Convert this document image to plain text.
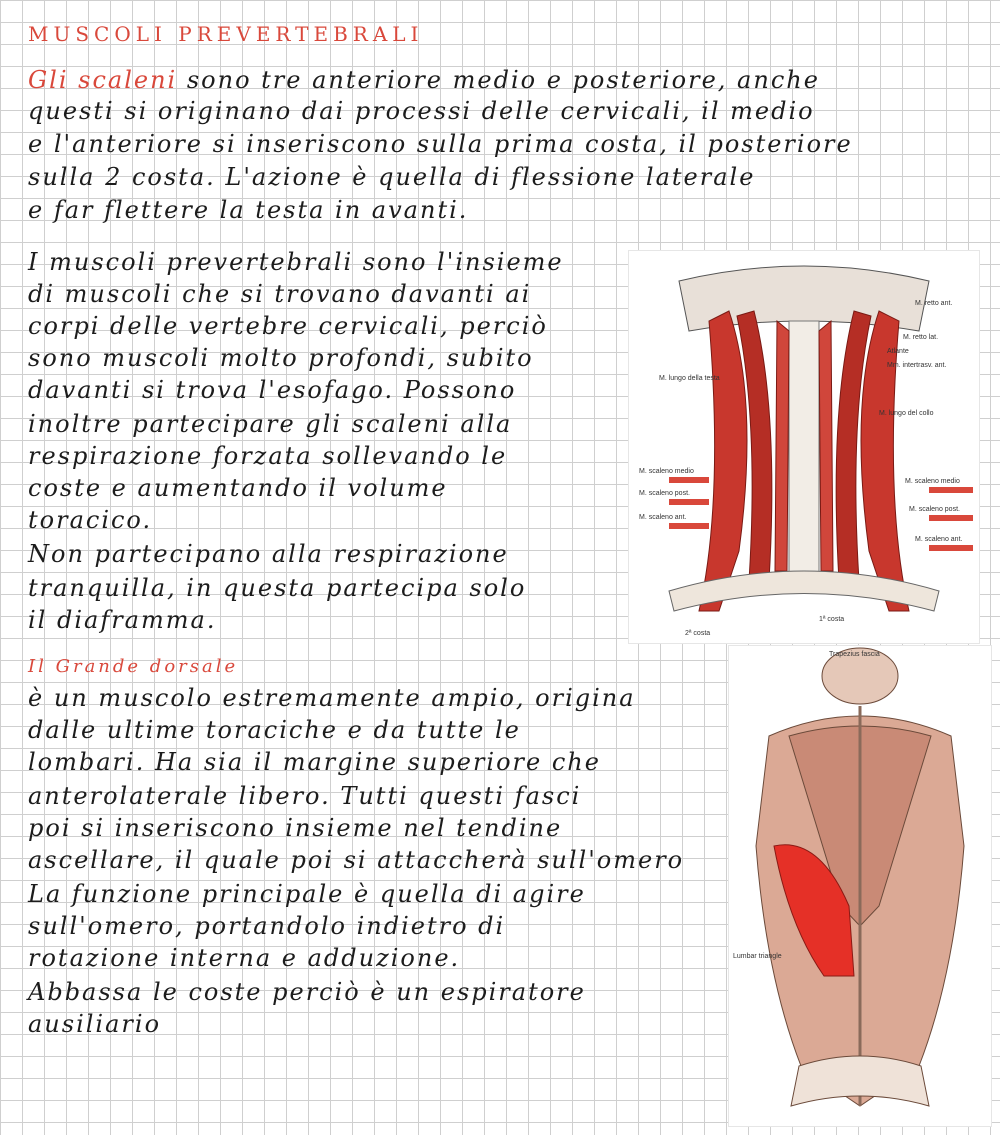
MUSCOLI PREVERTEBRALI
Gli scaleni sono tre anteriore medio e posteriore, anche
questi si originano dai processi delle cervicali, il medio
e l'anteriore si inseriscono sulla prima costa, il posteriore
sulla 2 costa. L'azione è quella di flessione laterale
e far flettere la testa in avanti.
I muscoli prevertebrali sono l'insieme
di muscoli che si trovano davanti ai
corpi delle vertebre cervicali, perciò
sono muscoli molto profondi, subito
davanti si trova l'esofago. Possono
inoltre partecipare gli scaleni alla
respirazione forzata sollevando le
coste e aumentando il volume
toracico.
Non partecipano alla respirazione
tranquilla, in questa partecipa solo
il diaframma.
Il Grande dorsale
è un muscolo estremamente ampio, origina
dalle ultime toraciche e da tutte le
lombari. Ha sia il margine superiore che
anterolaterale libero. Tutti questi fasci
poi si inseriscono insieme nel tendine
ascellare, il quale poi si attaccherà sull'omero
La funzione principale è quella di agire
sull'omero, portandolo indietro di
rotazione interna e adduzione.
Abbassa le coste perciò è un espiratore
ausiliario
M. retto ant.
M. retto lat.
Atlante
Mm. intertrasv. ant.
M. lungo della testa
M. lungo del collo
M. scaleno medio
M. scaleno post.
M. scaleno ant.
M. scaleno medio
M. scaleno post.
M. scaleno ant.
1ª costa
2ª costa
Trapezius fascia
Lumbar triangle
